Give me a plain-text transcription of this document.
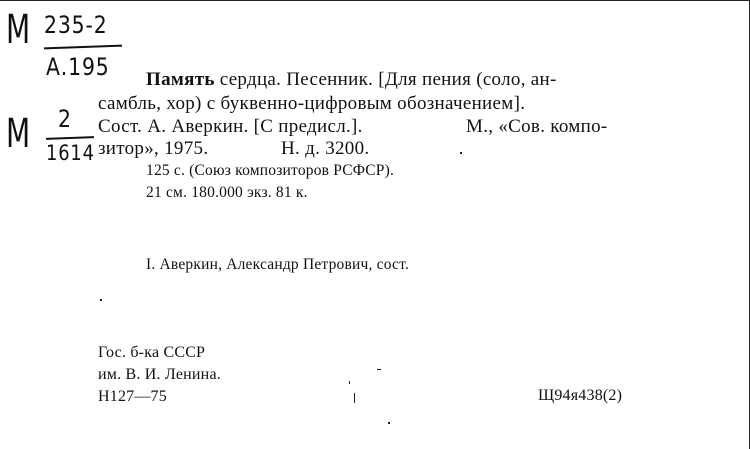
М 235-2
А.195
М 2
1614
Память сердца. Песенник. [Для пения (соло, ан-
самбль, хор) с буквенно-цифровым обозначением].
Сост. А. Аверкин. [С предисл.].	М., «Сов. компо-
зитор», 1975.	Н. д. 3200.
125 с. (Союз композиторов РСФСР).
21 см. 180.000 экз. 81 к.
I. Аверкин, Александр Петрович, сост.
Гос. б-ка СССР
им. В. И. Ленина.
Н127—75	Щ94я438(2)
